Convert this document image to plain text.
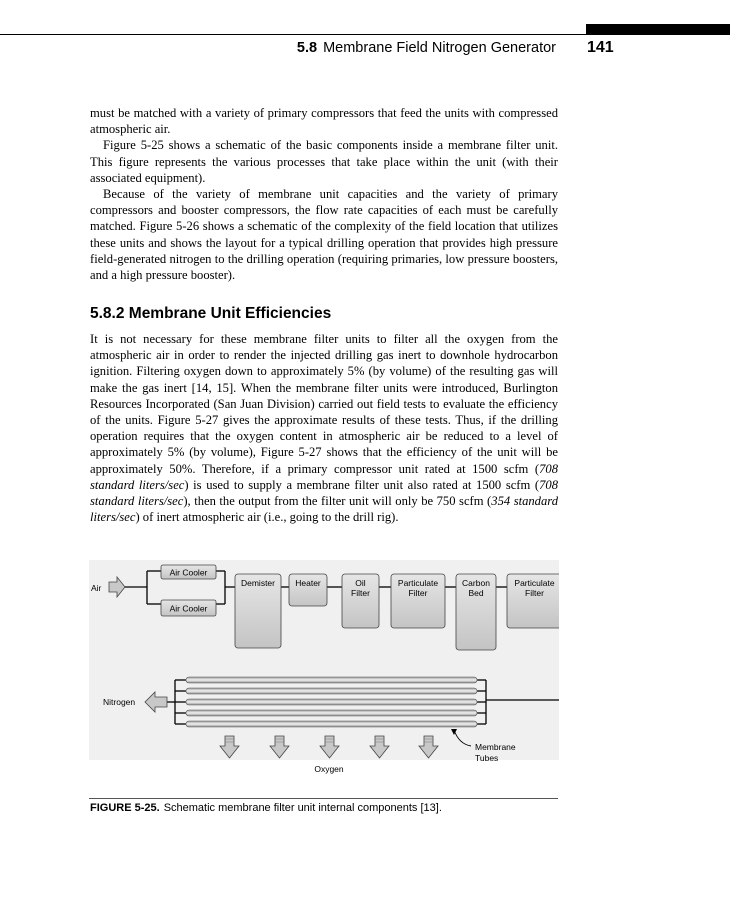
5.8 Membrane Field Nitrogen Generator 141

must be matched with a variety of primary compressors that feed the units with compressed atmospheric air.

Figure 5-25 shows a schematic of the basic components inside a membrane filter unit. This figure represents the various processes that take place within the unit (with their associated equipment).

Because of the variety of membrane unit capacities and the variety of primary compressors and booster compressors, the flow rate capacities of each must be carefully matched. Figure 5-26 shows a schematic of the complexity of the field location that utilizes these units and shows the layout for a typical drilling operation that provides high pressure field-generated nitrogen to the drilling operation (requiring primaries, low pressure boosters, and a high pressure booster).

5.8.2 Membrane Unit Efficiencies

It is not necessary for these membrane filter units to filter all the oxygen from the atmospheric air in order to render the injected drilling gas inert to downhole hydrocarbon ignition. Filtering oxygen down to approximately 5% (by volume) of the resulting gas will make the gas inert [14, 15]. When the membrane filter units were introduced, Burlington Resources Incorporated (San Juan Division) carried out field tests to evaluate the efficiency of the units. Figure 5-27 gives the approximate results of these tests. Thus, if the drilling operation requires that the oxygen content in atmospheric air be reduced to a level of approximately 5% (by volume), Figure 5-27 shows that the efficiency of the unit will be approximately 50%. Therefore, if a primary compressor unit rated at 1500 scfm (708 standard liters/sec) is used to supply a membrane filter unit also rated at 1500 scfm (708 standard liters/sec), then the output from the filter unit will only be 750 scfm (354 standard liters/sec) of inert atmospheric air (i.e., going to the drill rig).

Air
Air Cooler
Air Cooler
Demister Heater	Oil
Filter
Particulate
Filter
Carbon
Bed
Particulate
Filter
Nitrogen
Oxygen
Membrane
Tubes
FIGURE 5-25. Schematic membrane filter unit internal components [13].
